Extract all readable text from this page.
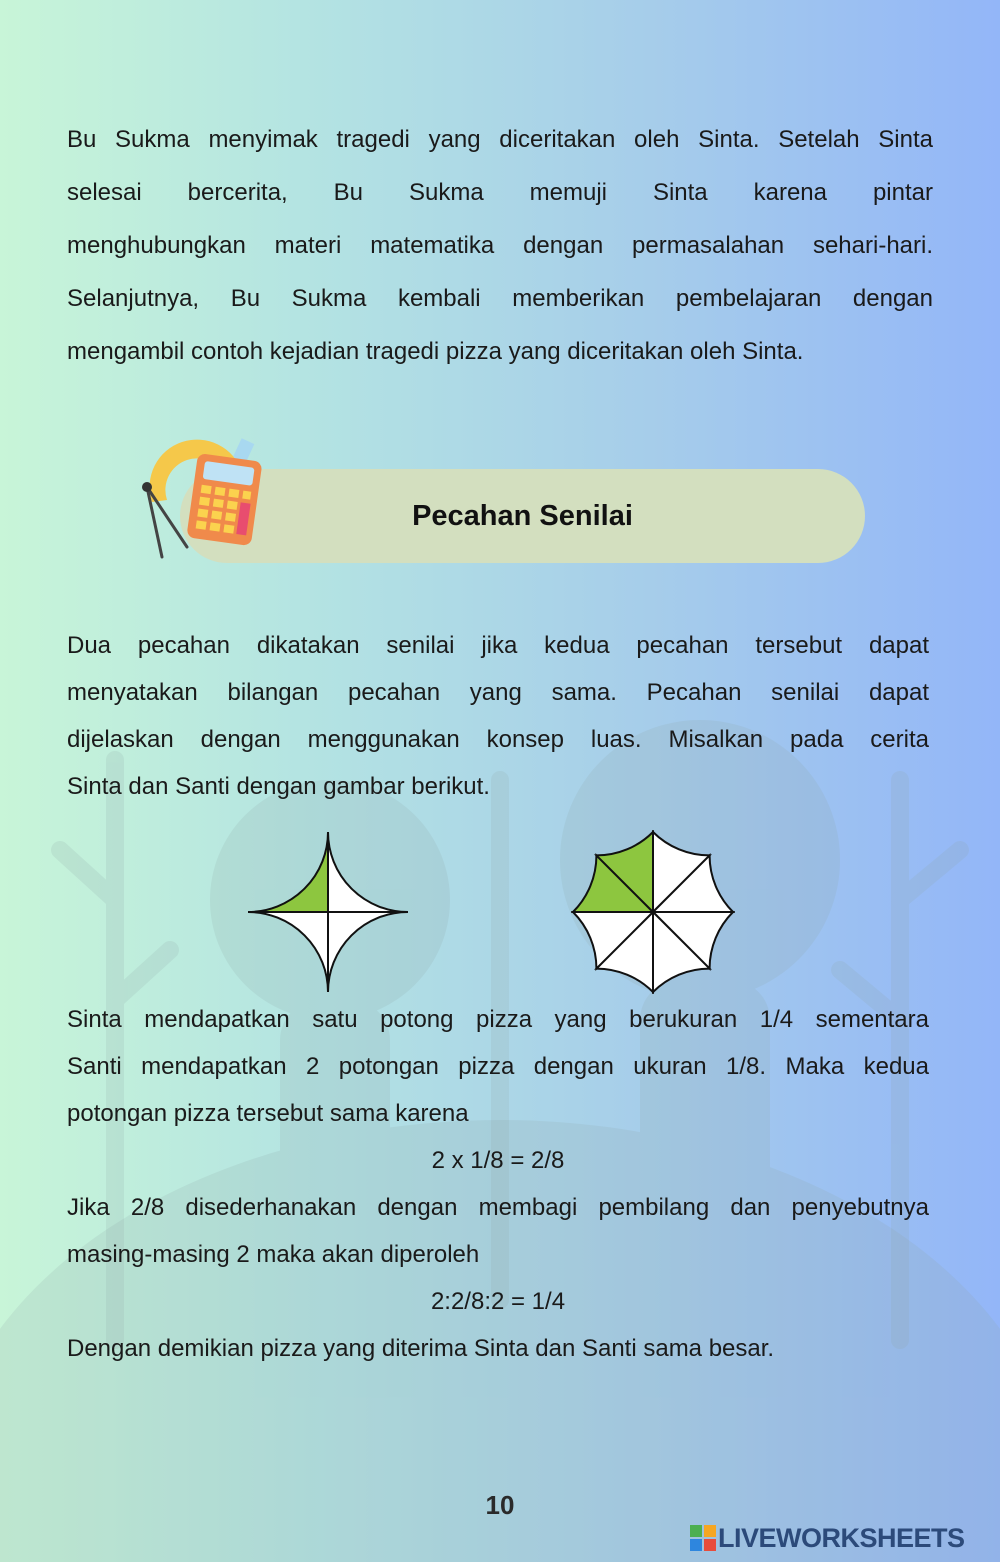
Bu Sukma menyimak tragedi yang diceritakan oleh Sinta. Setelah Sinta
selesai bercerita, Bu Sukma memuji Sinta karena pintar
menghubungkan materi matematika dengan permasalahan sehari-hari.
Selanjutnya, Bu Sukma kembali memberikan pembelajaran dengan
mengambil contoh kejadian tragedi pizza yang diceritakan oleh Sinta.

Pecahan Senilai

Dua pecahan dikatakan senilai jika kedua pecahan tersebut dapat
menyatakan bilangan pecahan yang sama. Pecahan senilai dapat
dijelaskan dengan menggunakan konsep luas. Misalkan pada cerita
Sinta dan Santi dengan gambar berikut.

Sinta mendapatkan satu potong pizza yang berukuran 1/4 sementara
Santi mendapatkan 2 potongan pizza dengan ukuran 1/8. Maka kedua
potongan pizza tersebut sama karena
2 x 1/8 = 2/8
Jika 2/8 disederhanakan dengan membagi pembilang dan penyebutnya
masing-masing 2 maka akan diperoleh
2:2/8:2 = 1/4
Dengan demikian pizza yang diterima Sinta dan Santi sama besar.
10
LIVEWORKSHEETS
